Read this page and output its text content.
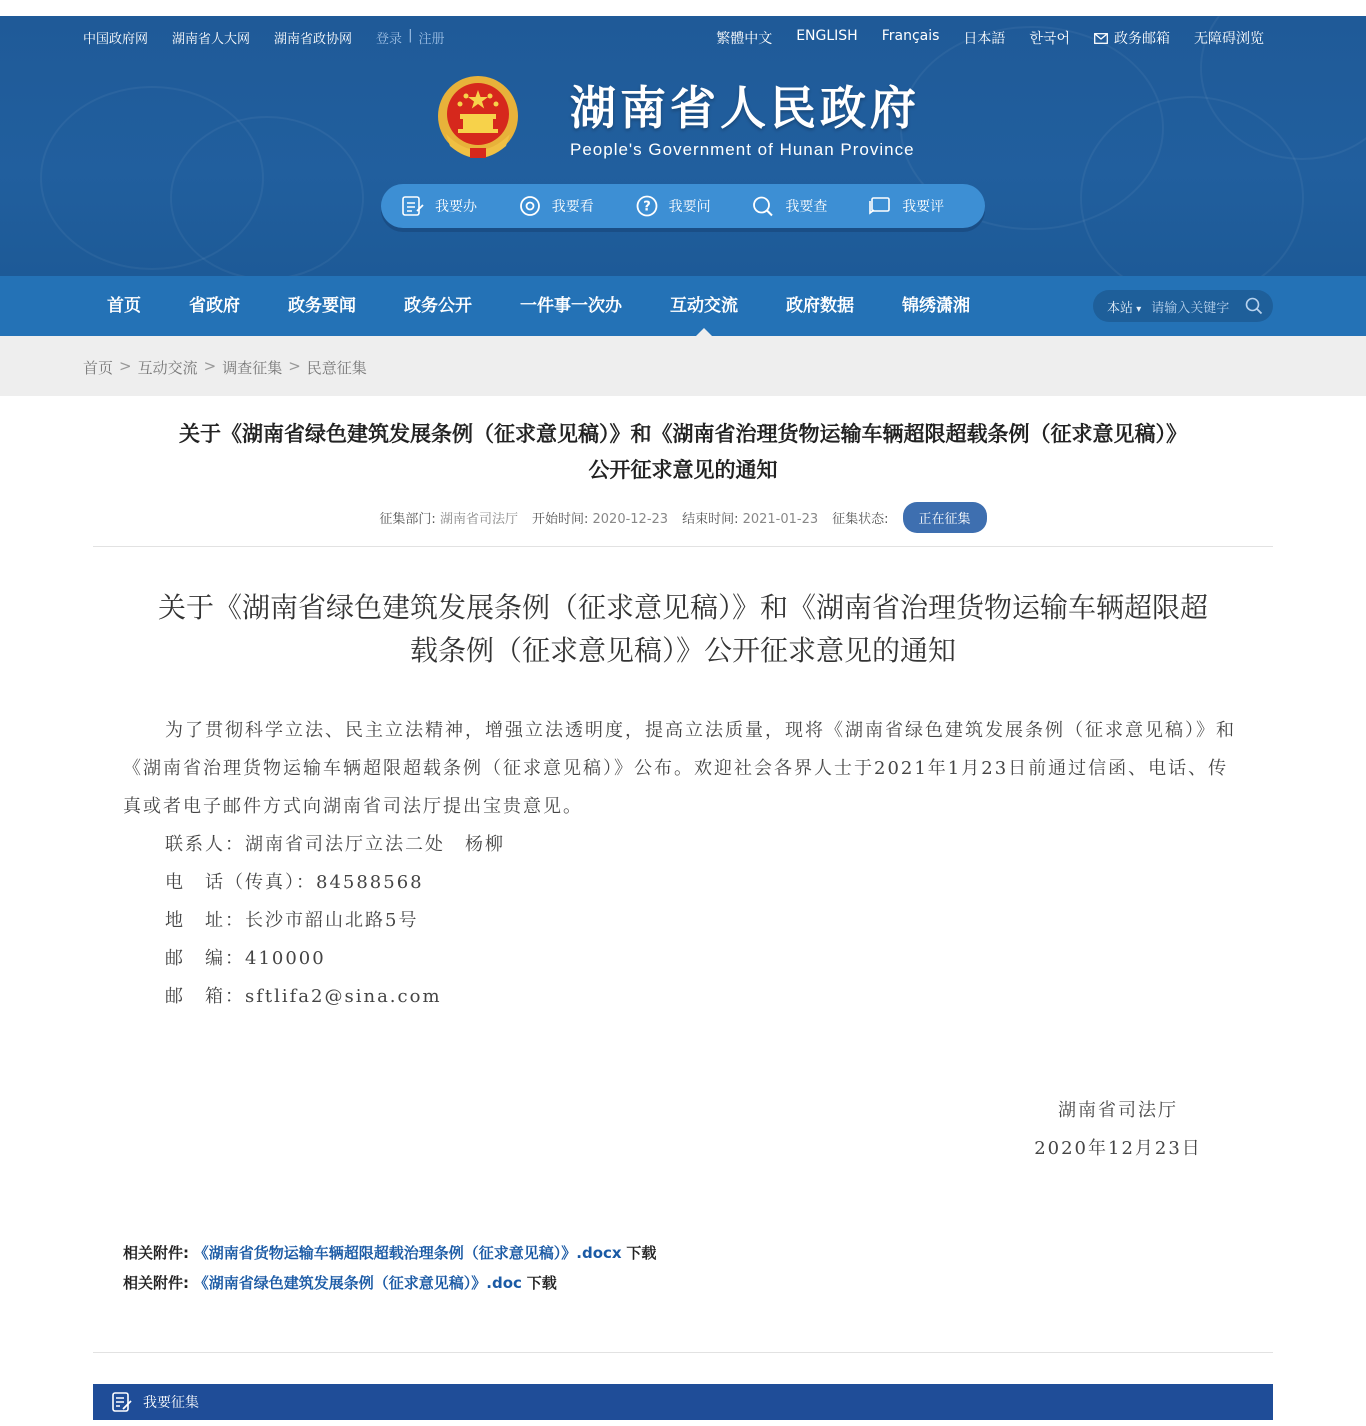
中国政府网 湖南省人大网 湖南省政协网 登录 | 注册	繁體中文 ENGLISH Français 日本語 한국어	政务邮箱 无障碍浏览
湖南省人民政府
People's Government of Hunan Province
我要办	我要看	? 我要问	我要查	我要评
首页	省政府	政务要闻	政务公开	一件事一次办	互动交流	政府数据	锦绣潇湘	本站 ▾	请输入关键字
首页 > 互动交流 > 调查征集 > 民意征集
关于《湖南省绿色建筑发展条例（征求意见稿）》和《湖南省治理货物运输车辆超限超载条例（征求意见稿）》
公开征求意见的通知
征集部门: 湖南省司法厅 开始时间: 2020-12-23 结束时间: 2021-01-23 征集状态:	正在征集
关于《湖南省绿色建筑发展条例（征求意见稿）》和《湖南省治理货物运输车辆超限超
载条例（征求意见稿）》公开征求意见的通知

为了贯彻科学立法、民主立法精神，增强立法透明度，提高立法质量，现将《湖南省绿色建筑发展条例（征求意见稿）》和《湖南省治理货物运输车辆超限超载条例（征求意见稿）》公布。欢迎社会各界人士于2021年1月23日前通过信函、电话、传真或者电子邮件方式向湖南省司法厅提出宝贵意见。

联系人：湖南省司法厅立法二处　杨柳

电　话（传真）：84588568

地　址：长沙市韶山北路5号

邮　编：410000

邮　箱：sftlifa2@sina.com

湖南省司法厅
2020年12月23日
相关附件: 《湖南省货物运输车辆超限超载治理条例（征求意见稿）》.docx 下载
相关附件: 《湖南省绿色建筑发展条例（征求意见稿）》.doc 下载
我要征集
